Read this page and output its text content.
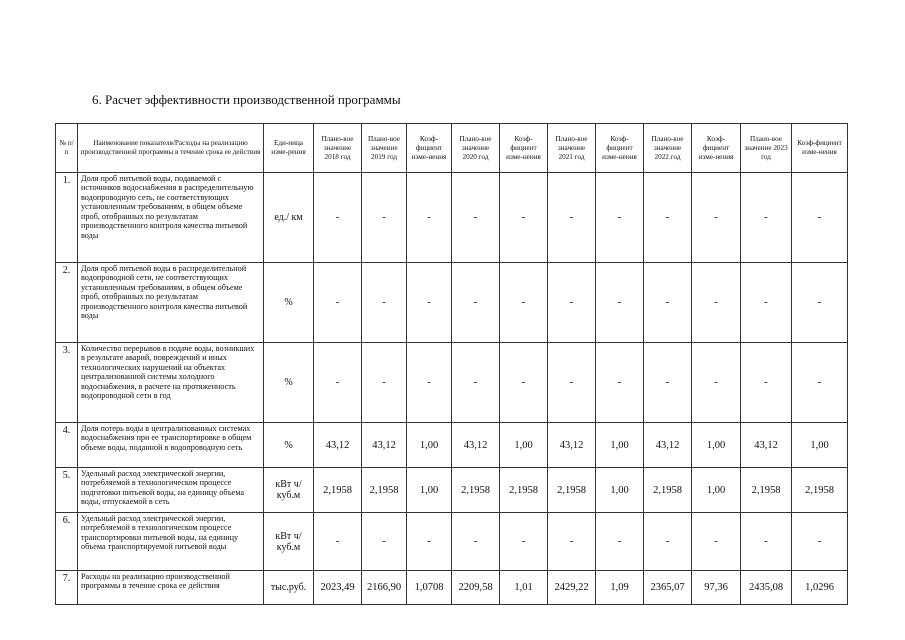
6. Расчет эффективности производственной программы
№ п/п	Наименование показателя/Расходы на реализацию производственной программы в течение срока ее действия	Еди-ница изме-рения	Плано-вое значение 2018 год	Плано-вое значение 2019 год	Коэф-фициент изме-нения	Плано-вое значение 2020 год	Коэф-фициент изме-нения	Плано-вое значение 2021 год	Коэф-фициент изме-нения	Плано-вое значение 2022 год	Коэф-фициент изме-нения	Плано-вое значение 2023 год	Коэф-фициент изме-нения
1.	Доля проб питьевой воды, подаваемой с источников водоснабжения в распределительную водопроводную сеть, не соответствующих установленным требованиям, в общем объеме проб, отобранных по результатам производственного контроля качества питьевой воды	ед./ км	-	-	-	-	-	-	-	-	-	-	-
2.	Доля проб питьевой воды в распределительной водопроводной сети, не соответствующих установленным требованиям, в общем объеме проб, отобранных по результатам производственного контроля качества питьевой воды	%	-	-	-	-	-	-	-	-	-	-	-
3.	Количество перерывов в подаче воды, возникших в результате аварий, повреждений и иных технологических нарушений на объектах централизованной системы холодного водоснабжения, в расчете на протяженность водопроводной сети в год	%	-	-	-	-	-	-	-	-	-	-	-
4.	Доля потерь воды в централизованных системах водоснабжения при ее транспортировке в общем объеме воды, поданной в водопроводную сеть	%	43,12	43,12	1,00	43,12	1,00	43,12	1,00	43,12	1,00	43,12	1,00
5.	Удельный расход электрической энергии, потребляемой в технологическом процессе подготовки питьевой воды, на единицу объема воды, отпускаемой в сеть	кВт ч/куб.м	2,1958	2,1958	1,00	2,1958	2,1958	2,1958	1,00	2,1958	1,00	2,1958	2,1958
6.	Удельный расход электрической энергии, потребляемой в технологическом процессе транспортировки питьевой воды, на единицу объема транспортируемой питьевой воды	кВт ч/куб.м	-	-	-	-	-	-	-	-	-	-	-
7.	Расходы на реализацию производственной программы в течение срока ее действия	тыс.руб.	2023,49	2166,90	1,0708	2209,58	1,01	2429,22	1,09	2365,07	97,36	2435,08	1,0296
